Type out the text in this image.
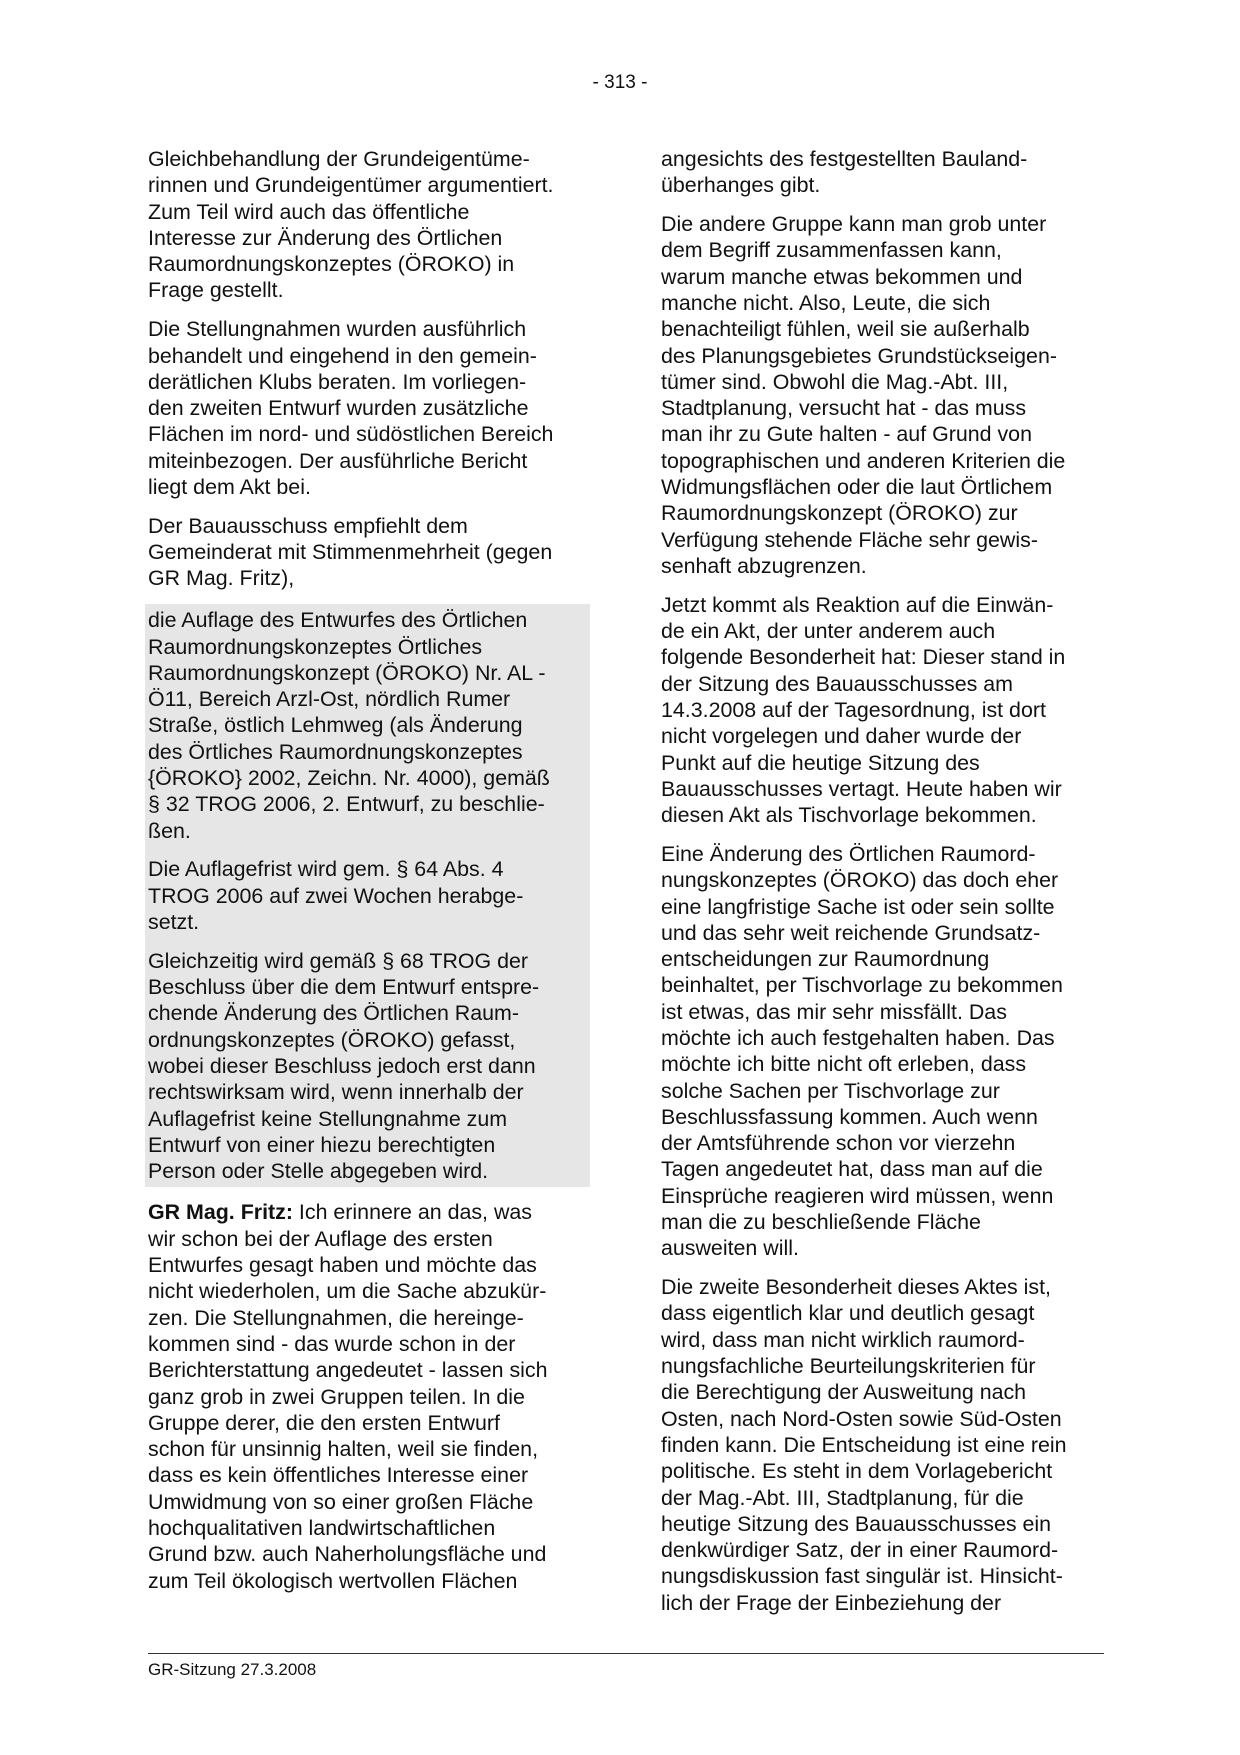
- 313 -

Gleichbehandlung der Grundeigentüme-
rinnen und Grundeigentümer argumentiert.
Zum Teil wird auch das öffentliche
Interesse zur Änderung des Örtlichen
Raumordnungskonzeptes (ÖROKO) in
Frage gestellt.

Die Stellungnahmen wurden ausführlich
behandelt und eingehend in den gemein-
derätlichen Klubs beraten. Im vorliegen-
den zweiten Entwurf wurden zusätzliche
Flächen im nord- und südöstlichen Bereich
miteinbezogen. Der ausführliche Bericht
liegt dem Akt bei.

Der Bauausschuss empfiehlt dem
Gemeinderat mit Stimmenmehrheit (gegen
GR Mag. Fritz),

die Auflage des Entwurfes des Örtlichen
Raumordnungskonzeptes Örtliches
Raumordnungskonzept (ÖROKO) Nr. AL -
Ö11, Bereich Arzl-Ost, nördlich Rumer
Straße, östlich Lehmweg (als Änderung
des Örtliches Raumordnungskonzeptes
{ÖROKO} 2002, Zeichn. Nr. 4000), gemäß
§ 32 TROG 2006, 2. Entwurf, zu beschlie-
ßen.

Die Auflagefrist wird gem. § 64 Abs. 4
TROG 2006 auf zwei Wochen herabge-
setzt.

Gleichzeitig wird gemäß § 68 TROG der
Beschluss über die dem Entwurf entspre-
chende Änderung des Örtlichen Raum-
ordnungskonzeptes (ÖROKO) gefasst,
wobei dieser Beschluss jedoch erst dann
rechtswirksam wird, wenn innerhalb der
Auflagefrist keine Stellungnahme zum
Entwurf von einer hiezu berechtigten
Person oder Stelle abgegeben wird.

GR Mag. Fritz: Ich erinnere an das, was
wir schon bei der Auflage des ersten
Entwurfes gesagt haben und möchte das
nicht wiederholen, um die Sache abzukür-
zen. Die Stellungnahmen, die hereinge-
kommen sind - das wurde schon in der
Berichterstattung angedeutet - lassen sich
ganz grob in zwei Gruppen teilen. In die
Gruppe derer, die den ersten Entwurf
schon für unsinnig halten, weil sie finden,
dass es kein öffentliches Interesse einer
Umwidmung von so einer großen Fläche
hochqualitativen landwirtschaftlichen
Grund bzw. auch Naherholungsfläche und
zum Teil ökologisch wertvollen Flächen

angesichts des festgestellten Bauland-
überhanges gibt.

Die andere Gruppe kann man grob unter
dem Begriff zusammenfassen kann,
warum manche etwas bekommen und
manche nicht. Also, Leute, die sich
benachteiligt fühlen, weil sie außerhalb
des Planungsgebietes Grundstückseigen-
tümer sind. Obwohl die Mag.-Abt. III,
Stadtplanung, versucht hat - das muss
man ihr zu Gute halten - auf Grund von
topographischen und anderen Kriterien die
Widmungsflächen oder die laut Örtlichem
Raumordnungskonzept (ÖROKO) zur
Verfügung stehende Fläche sehr gewis-
senhaft abzugrenzen.

Jetzt kommt als Reaktion auf die Einwän-
de ein Akt, der unter anderem auch
folgende Besonderheit hat: Dieser stand in
der Sitzung des Bauausschusses am
14.3.2008 auf der Tagesordnung, ist dort
nicht vorgelegen und daher wurde der
Punkt auf die heutige Sitzung des
Bauausschusses vertagt. Heute haben wir
diesen Akt als Tischvorlage bekommen.

Eine Änderung des Örtlichen Raumord-
nungskonzeptes (ÖROKO) das doch eher
eine langfristige Sache ist oder sein sollte
und das sehr weit reichende Grundsatz-
entscheidungen zur Raumordnung
beinhaltet, per Tischvorlage zu bekommen
ist etwas, das mir sehr missfällt. Das
möchte ich auch festgehalten haben. Das
möchte ich bitte nicht oft erleben, dass
solche Sachen per Tischvorlage zur
Beschlussfassung kommen. Auch wenn
der Amtsführende schon vor vierzehn
Tagen angedeutet hat, dass man auf die
Einsprüche reagieren wird müssen, wenn
man die zu beschließende Fläche
ausweiten will.

Die zweite Besonderheit dieses Aktes ist,
dass eigentlich klar und deutlich gesagt
wird, dass man nicht wirklich raumord-
nungsfachliche Beurteilungskriterien für
die Berechtigung der Ausweitung nach
Osten, nach Nord-Osten sowie Süd-Osten
finden kann. Die Entscheidung ist eine rein
politische. Es steht in dem Vorlagebericht
der Mag.-Abt. III, Stadtplanung, für die
heutige Sitzung des Bauausschusses ein
denkwürdiger Satz, der in einer Raumord-
nungsdiskussion fast singulär ist. Hinsicht-
lich der Frage der Einbeziehung der

GR-Sitzung 27.3.2008
